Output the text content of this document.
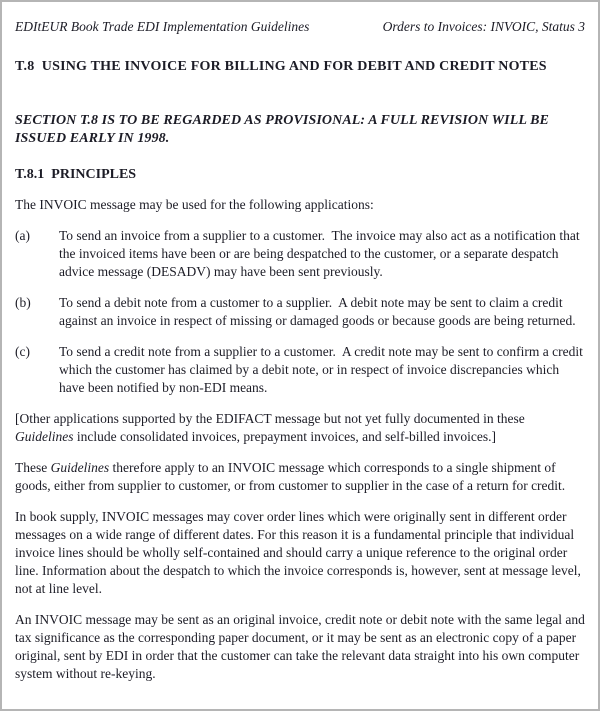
EDItEUR Book Trade EDI Implementation Guidelines	Orders to Invoices: INVOIC, Status 3
T.8  USING THE INVOICE FOR BILLING AND FOR DEBIT AND CREDIT NOTES
SECTION T.8 IS TO BE REGARDED AS PROVISIONAL: A FULL REVISION WILL BE
ISSUED EARLY IN 1998.
T.8.1  PRINCIPLES

The INVOIC message may be used for the following applications:

(a)	To send an invoice from a supplier to a customer.  The invoice may also act as a notification that the invoiced items have been or are being despatched to the customer, or a separate despatch advice message (DESADV) may have been sent previously.
(b)	To send a debit note from a customer to a supplier.  A debit note may be sent to claim a credit against an invoice in respect of missing or damaged goods or because goods are being returned.
(c)	To send a credit note from a supplier to a customer.  A credit note may be sent to confirm a credit which the customer has claimed by a debit note, or in respect of invoice discrepancies which have been notified by non-EDI means.

[Other applications supported by the EDIFACT message but not yet fully documented in these Guidelines include consolidated invoices, prepayment invoices, and self-billed invoices.]

These Guidelines therefore apply to an INVOIC message which corresponds to a single shipment of goods, either from supplier to customer, or from customer to supplier in the case of a return for credit.

In book supply, INVOIC messages may cover order lines which were originally sent in different order messages on a wide range of different dates. For this reason it is a fundamental principle that individual invoice lines should be wholly self-contained and should carry a unique reference to the original order line. Information about the despatch to which the invoice corresponds is, however, sent at message level, not at line level.

An INVOIC message may be sent as an original invoice, credit note or debit note with the same legal and tax significance as the corresponding paper document, or it may be sent as an electronic copy of a paper original, sent by EDI in order that the customer can take the relevant data straight into his own computer system without re-keying.
